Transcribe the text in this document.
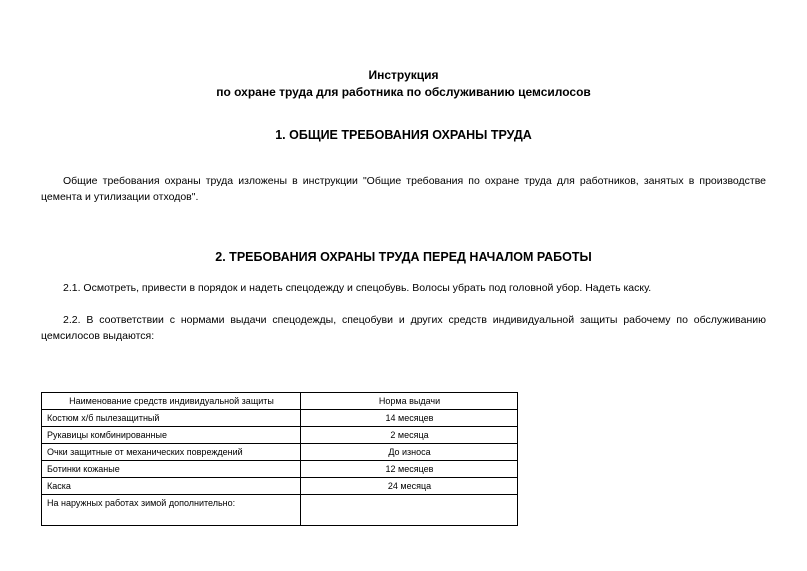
Инструкция
по охране труда для работника по обслуживанию цемсилосов
1. ОБЩИЕ ТРЕБОВАНИЯ ОХРАНЫ ТРУДА
Общие требования охраны труда изложены в инструкции "Общие требования по охране труда для работников, занятых в производстве цемента и утилизации отходов".
2. ТРЕБОВАНИЯ ОХРАНЫ ТРУДА ПЕРЕД НАЧАЛОМ РАБОТЫ
2.1. Осмотреть, привести в порядок и надеть спецодежду и спецобувь. Волосы убрать под головной убор. Надеть каску.
2.2. В соответствии с нормами выдачи спецодежды, спецобуви и других средств индивидуальной защиты рабочему по обслуживанию цемсилосов выдаются:
Наименование средств индивидуальной защиты	Норма выдачи
Костюм х/б пылезащитный	14 месяцев
Рукавицы комбинированные	2 месяца
Очки защитные от механических повреждений	До износа
Ботинки кожаные	12 месяцев
Каска	24 месяца
На наружных работах зимой дополнительно:	
